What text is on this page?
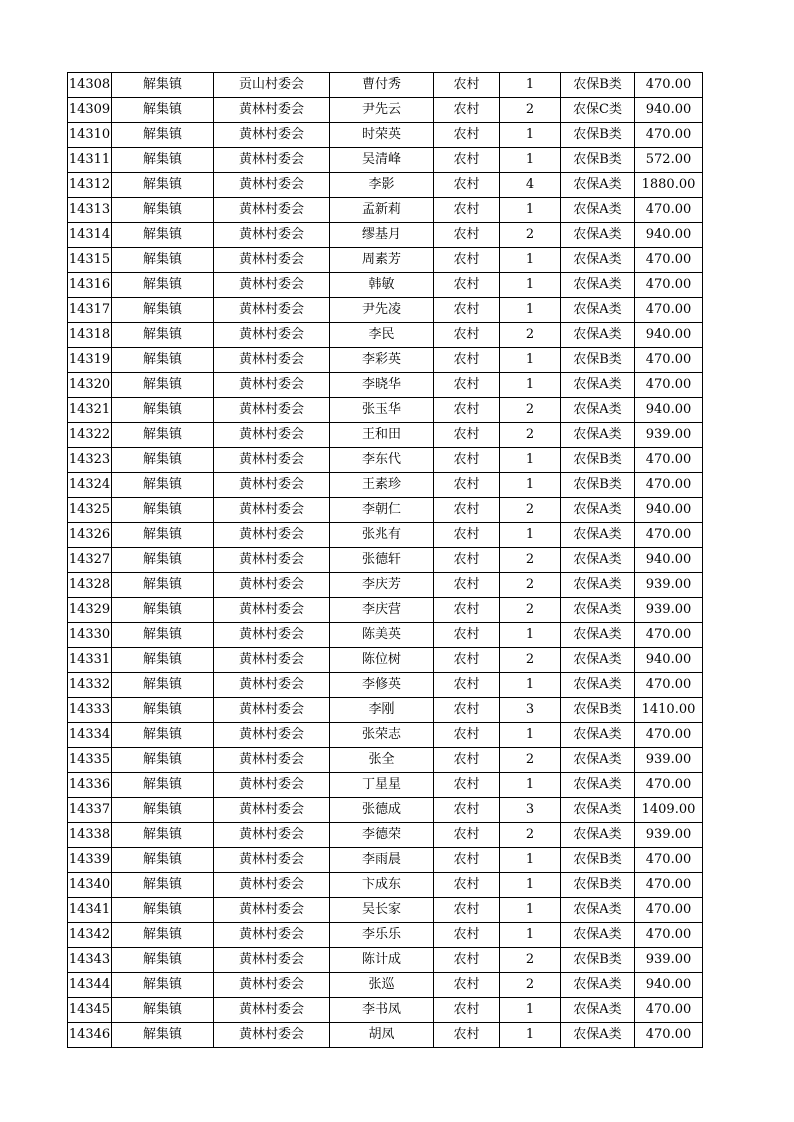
14308	解集镇	贡山村委会	曹付秀	农村	1	农保B类	470.00
14309	解集镇	黄林村委会	尹先云	农村	2	农保C类	940.00
14310	解集镇	黄林村委会	时荣英	农村	1	农保B类	470.00
14311	解集镇	黄林村委会	吴清峰	农村	1	农保B类	572.00
14312	解集镇	黄林村委会	李影	农村	4	农保A类	1880.00
14313	解集镇	黄林村委会	孟新莉	农村	1	农保A类	470.00
14314	解集镇	黄林村委会	缪基月	农村	2	农保A类	940.00
14315	解集镇	黄林村委会	周素芳	农村	1	农保A类	470.00
14316	解集镇	黄林村委会	韩敏	农村	1	农保A类	470.00
14317	解集镇	黄林村委会	尹先凌	农村	1	农保A类	470.00
14318	解集镇	黄林村委会	李民	农村	2	农保A类	940.00
14319	解集镇	黄林村委会	李彩英	农村	1	农保B类	470.00
14320	解集镇	黄林村委会	李晓华	农村	1	农保A类	470.00
14321	解集镇	黄林村委会	张玉华	农村	2	农保A类	940.00
14322	解集镇	黄林村委会	王和田	农村	2	农保A类	939.00
14323	解集镇	黄林村委会	李东代	农村	1	农保B类	470.00
14324	解集镇	黄林村委会	王素珍	农村	1	农保B类	470.00
14325	解集镇	黄林村委会	李朝仁	农村	2	农保A类	940.00
14326	解集镇	黄林村委会	张兆有	农村	1	农保A类	470.00
14327	解集镇	黄林村委会	张德轩	农村	2	农保A类	940.00
14328	解集镇	黄林村委会	李庆芳	农村	2	农保A类	939.00
14329	解集镇	黄林村委会	李庆营	农村	2	农保A类	939.00
14330	解集镇	黄林村委会	陈美英	农村	1	农保A类	470.00
14331	解集镇	黄林村委会	陈位树	农村	2	农保A类	940.00
14332	解集镇	黄林村委会	李修英	农村	1	农保A类	470.00
14333	解集镇	黄林村委会	李刚	农村	3	农保B类	1410.00
14334	解集镇	黄林村委会	张荣志	农村	1	农保A类	470.00
14335	解集镇	黄林村委会	张全	农村	2	农保A类	939.00
14336	解集镇	黄林村委会	丁星星	农村	1	农保A类	470.00
14337	解集镇	黄林村委会	张德成	农村	3	农保A类	1409.00
14338	解集镇	黄林村委会	李德荣	农村	2	农保A类	939.00
14339	解集镇	黄林村委会	李雨晨	农村	1	农保B类	470.00
14340	解集镇	黄林村委会	卞成东	农村	1	农保B类	470.00
14341	解集镇	黄林村委会	吴长家	农村	1	农保A类	470.00
14342	解集镇	黄林村委会	李乐乐	农村	1	农保A类	470.00
14343	解集镇	黄林村委会	陈计成	农村	2	农保B类	939.00
14344	解集镇	黄林村委会	张巡	农村	2	农保A类	940.00
14345	解集镇	黄林村委会	李书凤	农村	1	农保A类	470.00
14346	解集镇	黄林村委会	胡凤	农村	1	农保A类	470.00
